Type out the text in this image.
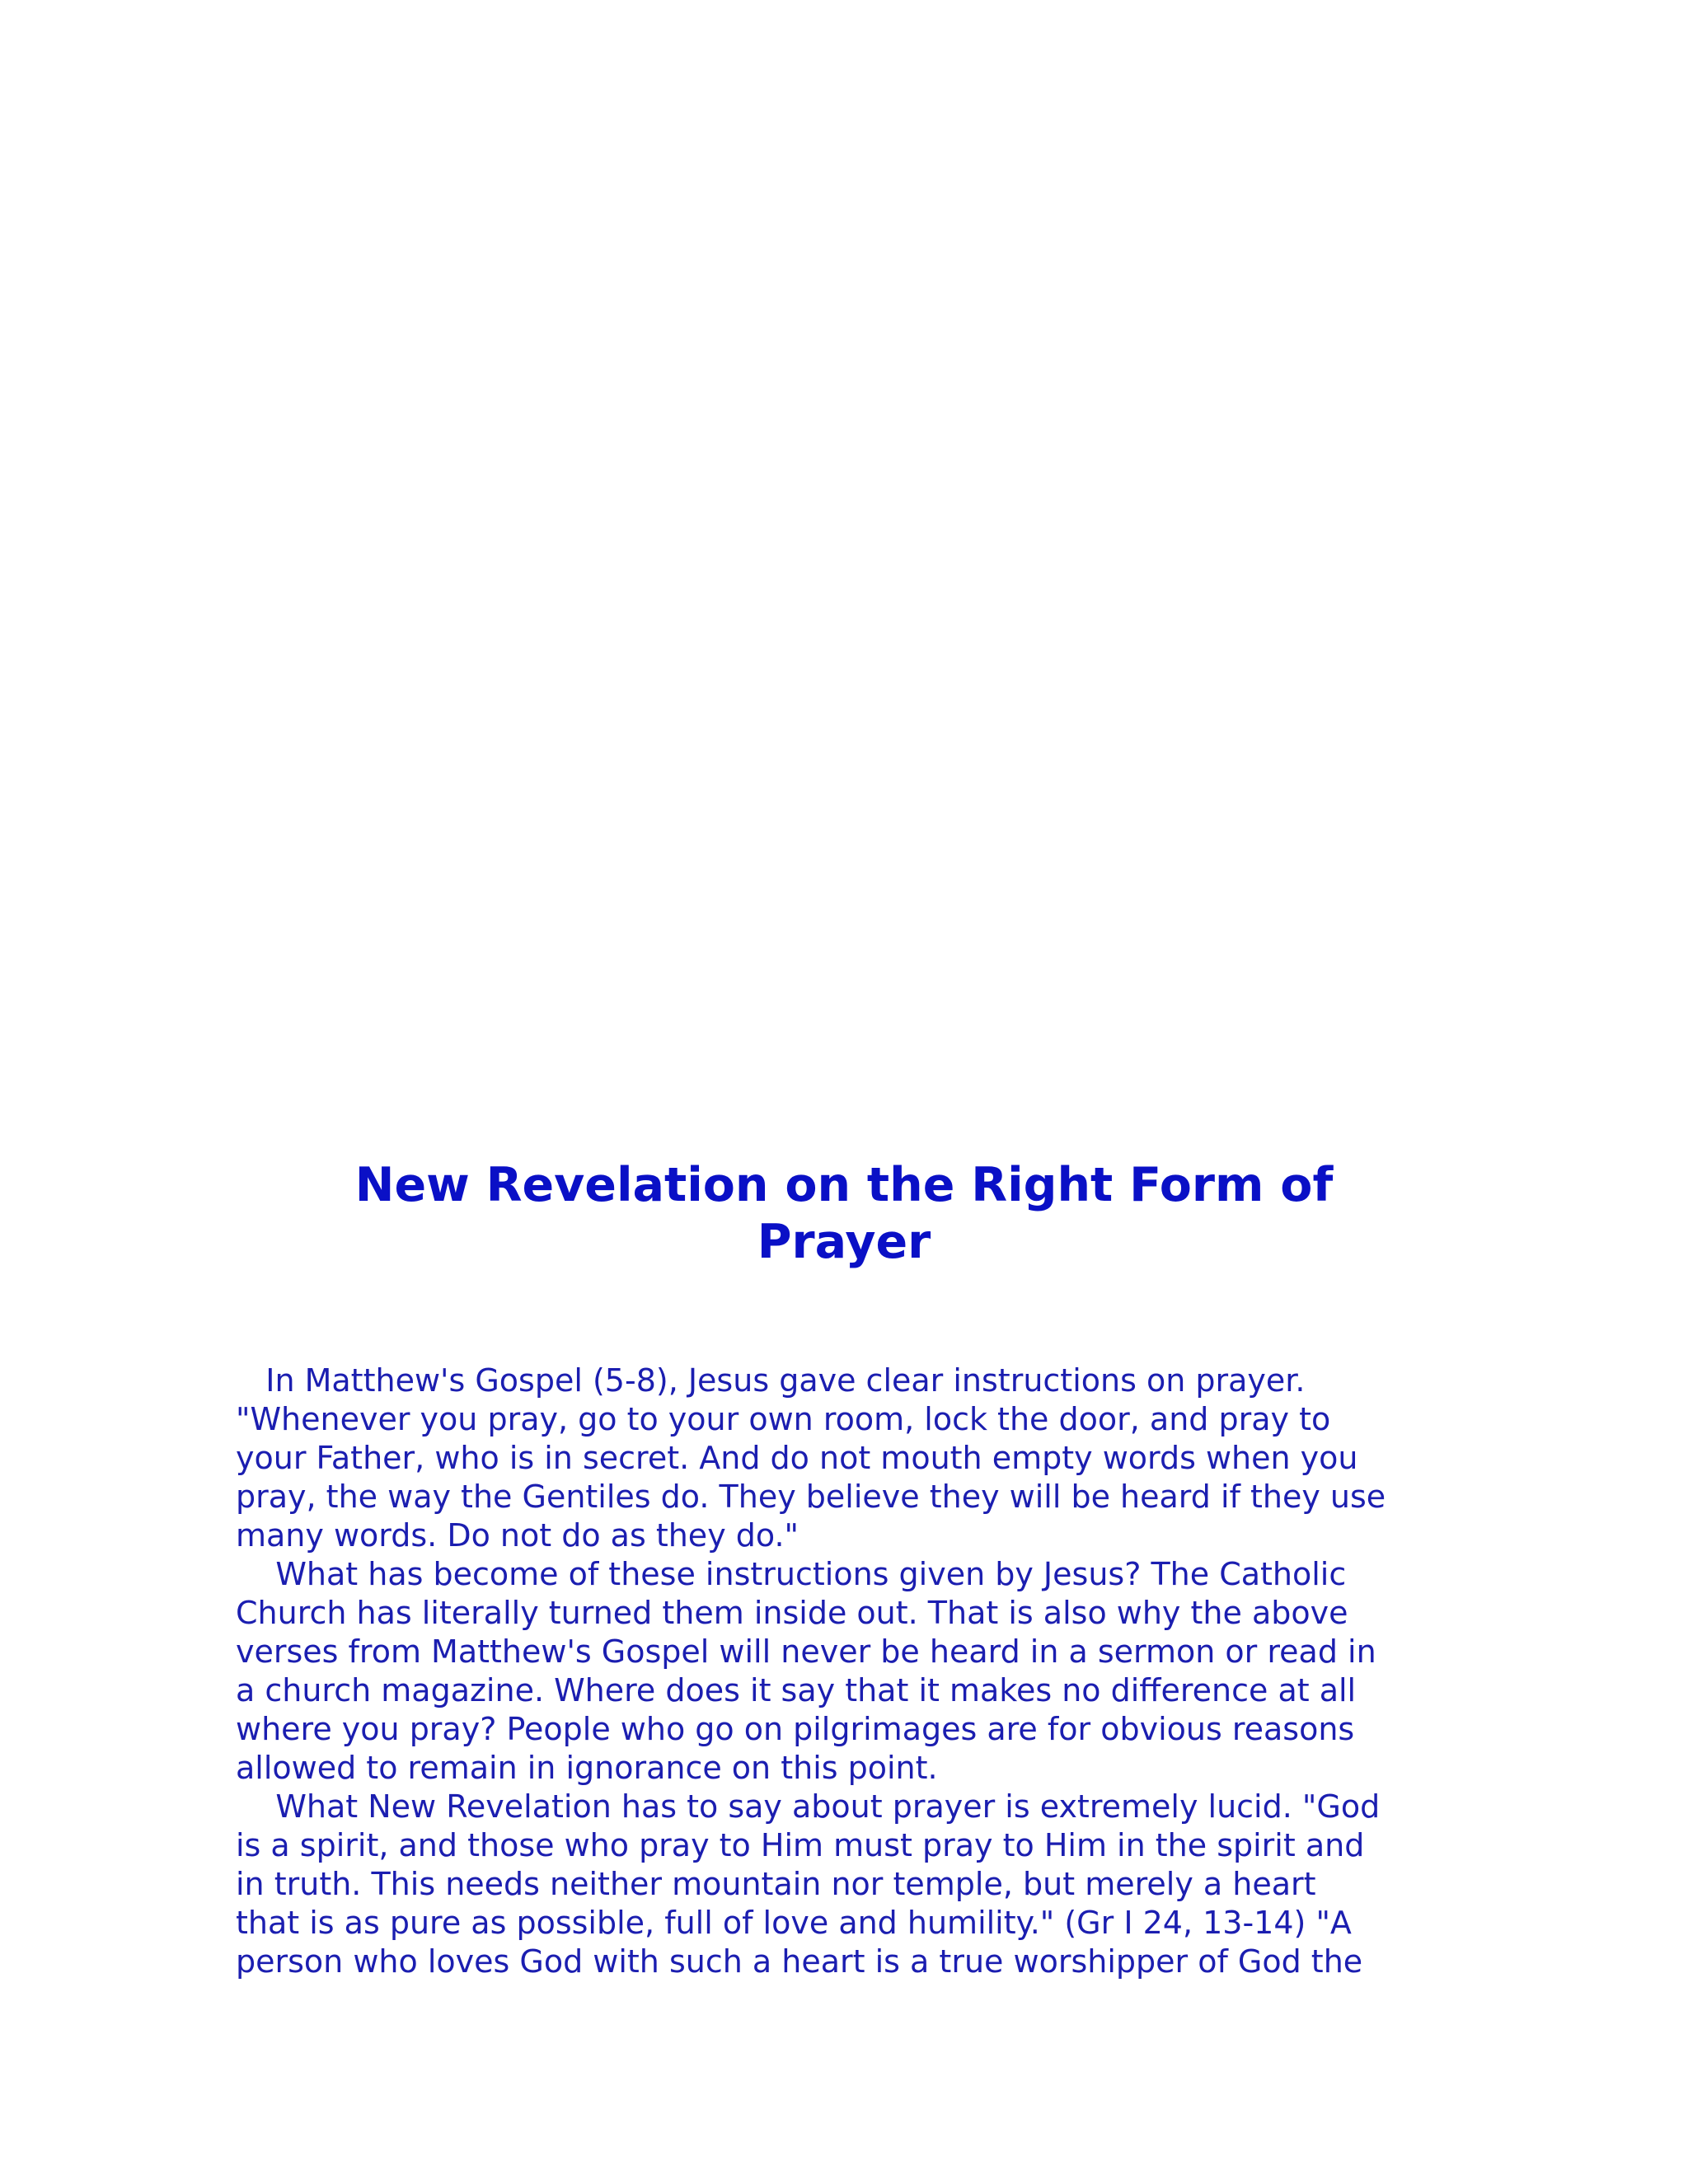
New Revelation on the Right Form of
Prayer
In Matthew's Gospel (5-8), Jesus gave clear instructions on prayer.
"Whenever you pray, go to your own room, lock the door, and pray to
your Father, who is in secret. And do not mouth empty words when you
pray, the way the Gentiles do. They believe they will be heard if they use
many words. Do not do as they do."
What has become of these instructions given by Jesus? The Catholic
Church has literally turned them inside out. That is also why the above
verses from Matthew's Gospel will never be heard in a sermon or read in
a church magazine. Where does it say that it makes no difference at all
where you pray? People who go on pilgrimages are for obvious reasons
allowed to remain in ignorance on this point.
What New Revelation has to say about prayer is extremely lucid. "God
is a spirit, and those who pray to Him must pray to Him in the spirit and
in truth. This needs neither mountain nor temple, but merely a heart
that is as pure as possible, full of love and humility." (Gr I 24, 13-14) "A
person who loves God with such a heart is a true worshipper of God the
